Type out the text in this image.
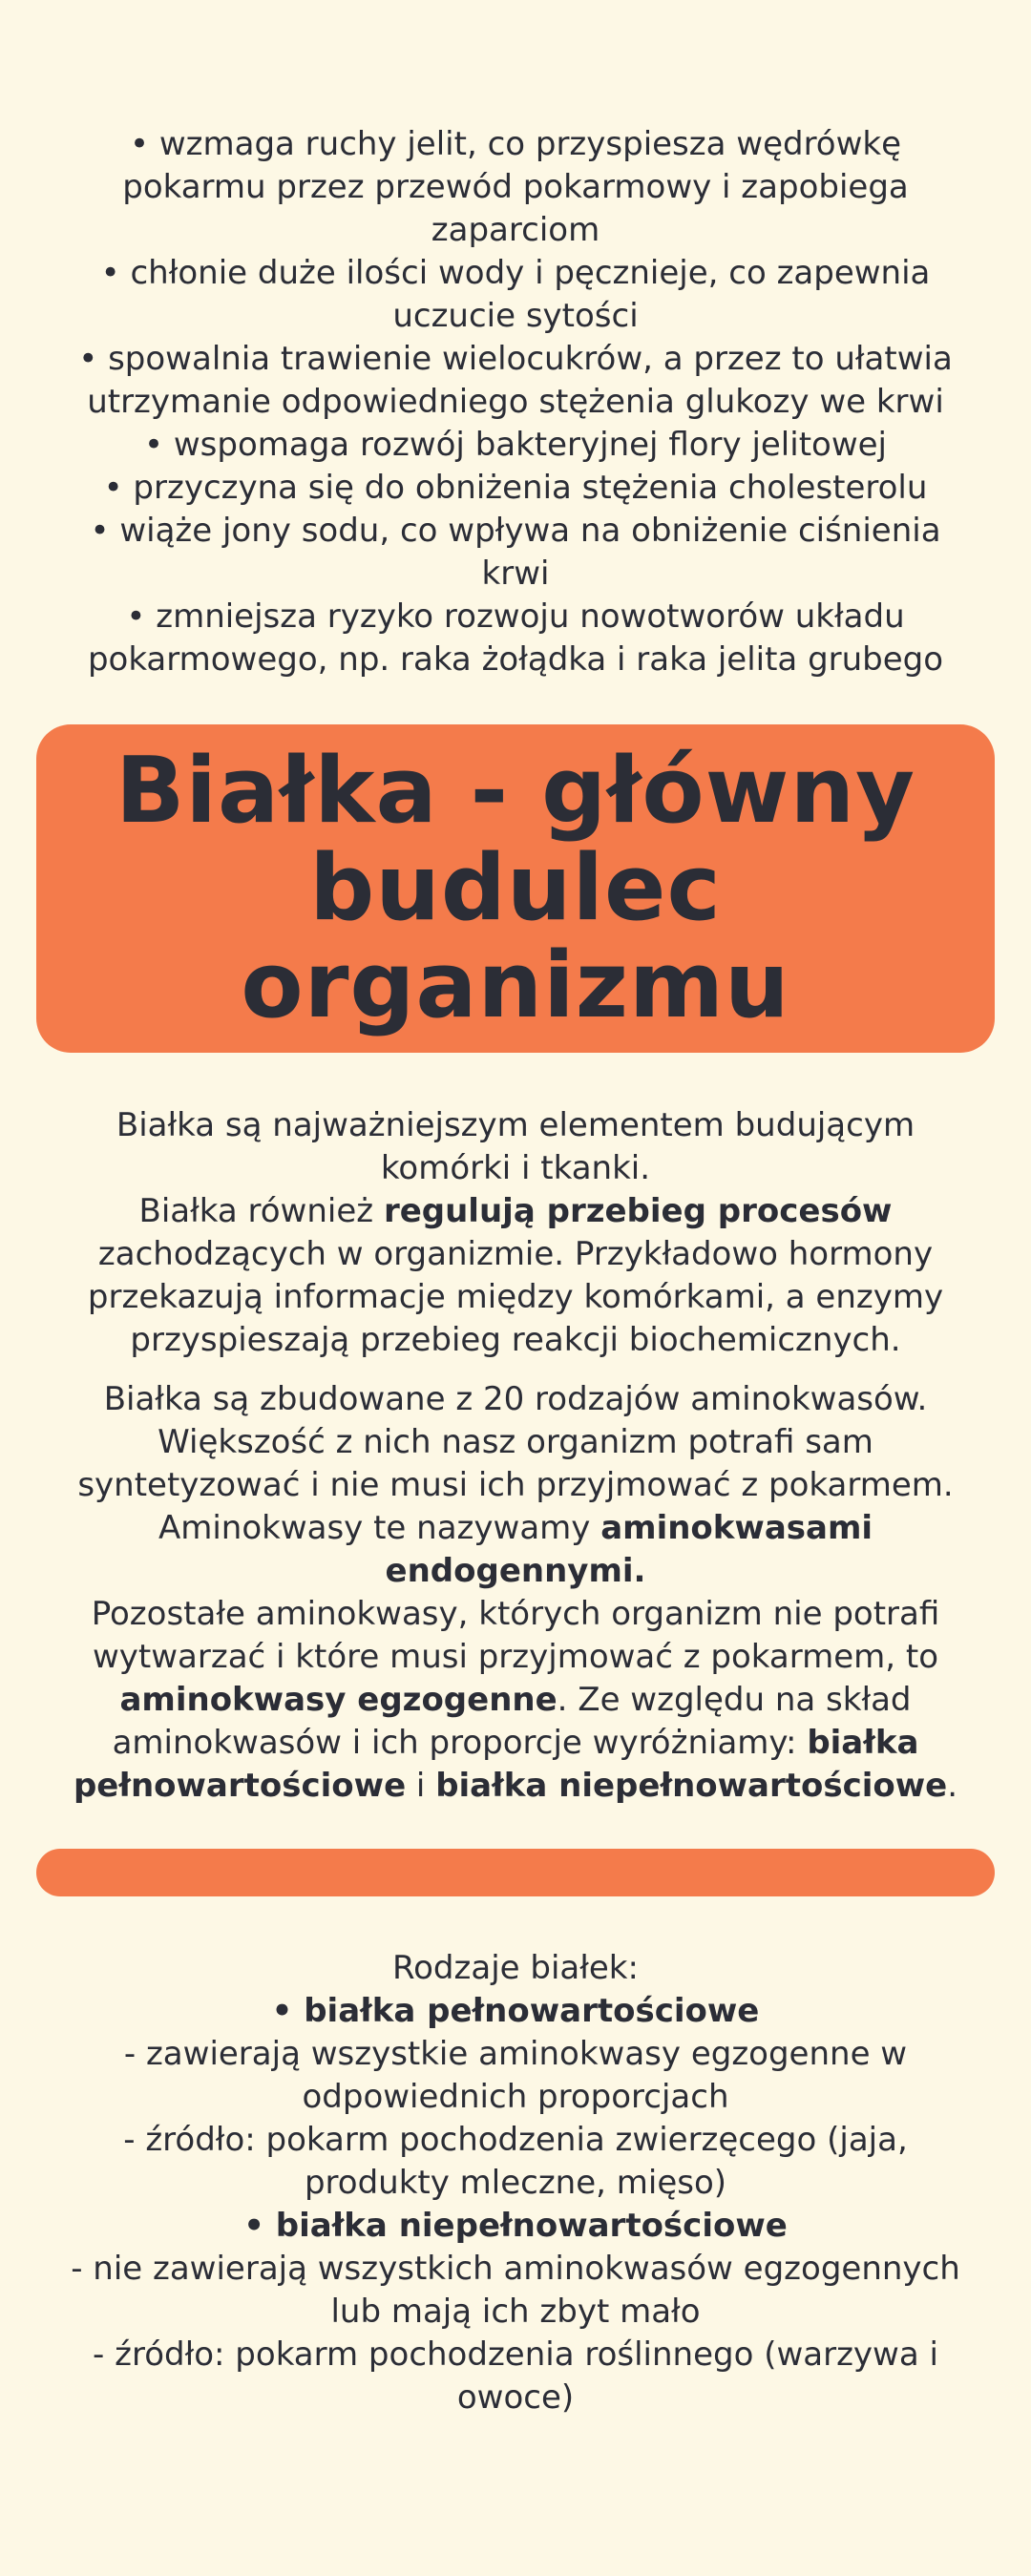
• wzmaga ruchy jelit, co przyspiesza wędrówkę pokarmu przez przewód pokarmowy i zapobiega zaparciom

• chłonie duże ilości wody i pęcznieje, co zapewnia uczucie sytości

• spowalnia trawienie wielocukrów, a przez to ułatwia utrzymanie odpowiedniego stężenia glukozy we krwi

• wspomaga rozwój bakteryjnej flory jelitowej

• przyczyna się do obniżenia stężenia cholesterolu

• wiąże jony sodu, co wpływa na obniżenie ciśnienia krwi

• zmniejsza ryzyko rozwoju nowotworów układu pokarmowego, np. raka żołądka i raka jelita grubego

Białka - główny
budulec
organizmu

Białka są najważniejszym elementem budującym komórki i tkanki.

Białka również regulują przebieg procesów zachodzących w organizmie. Przykładowo hormony przekazują informacje między komórkami, a enzymy przyspieszają przebieg reakcji biochemicznych.

Białka są zbudowane z 20 rodzajów aminokwasów. Większość z nich nasz organizm potrafi sam syntetyzować i nie musi ich przyjmować z pokarmem. Aminokwasy te nazywamy aminokwasami endogennymi.

Pozostałe aminokwasy, których organizm nie potrafi wytwarzać i które musi przyjmować z pokarmem, to aminokwasy egzogenne. Ze względu na skład aminokwasów i ich proporcje wyróżniamy: białka pełnowartościowe i białka niepełnowartościowe.

Rodzaje białek:

• białka pełnowartościowe

- zawierają wszystkie aminokwasy egzogenne w odpowiednich proporcjach

- źródło: pokarm pochodzenia zwierzęcego (jaja, produkty mleczne, mięso)

• białka niepełnowartościowe

- nie zawierają wszystkich aminokwasów egzogennych lub mają ich zbyt mało

- źródło: pokarm pochodzenia roślinnego (warzywa i owoce)
